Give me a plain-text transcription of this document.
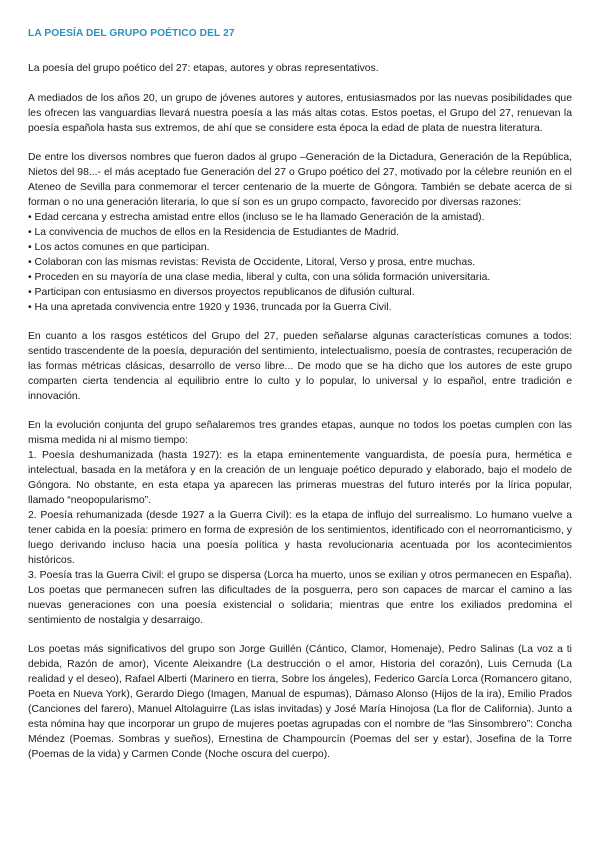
LA POESÍA DEL GRUPO POÉTICO DEL 27

La poesía del grupo poético del 27: etapas, autores y obras representativos.

A mediados de los años 20, un grupo de jóvenes autores y autores, entusiasmados por las nuevas posibilidades que les ofrecen las vanguardias llevará nuestra poesía a las más altas cotas. Estos poetas, el Grupo del 27, renuevan la poesía española hasta sus extremos, de ahí que se considere esta época la edad de plata de nuestra literatura.

De entre los diversos nombres que fueron dados al grupo –Generación de la Dictadura, Generación de la República, Nietos del 98...- el más aceptado fue Generación del 27 o Grupo poético del 27, motivado por la célebre reunión en el Ateneo de Sevilla para conmemorar el tercer centenario de la muerte de Góngora. También se debate acerca de si forman o no una generación literaria, lo que sí son es un grupo compacto, favorecido por diversas razones:

• Edad cercana y estrecha amistad entre ellos (incluso se le ha llamado Generación de la amistad).
• La convivencia de muchos de ellos en la Residencia de Estudiantes de Madrid.
• Los actos comunes en que participan.
• Colaboran con las mismas revistas: Revista de Occidente, Litoral, Verso y prosa, entre muchas.
• Proceden en su mayoría de una clase media, liberal y culta, con una sólida formación universitaria.
• Participan con entusiasmo en diversos proyectos republicanos de difusión cultural.
• Ha una apretada convivencia entre 1920 y 1936, truncada por la Guerra Civil.

En cuanto a los rasgos estéticos del Grupo del 27, pueden señalarse algunas características comunes a todos: sentido trascendente de la poesía, depuración del sentimiento, intelectualismo, poesía de contrastes, recuperación de las formas métricas clásicas, desarrollo de verso libre... De modo que se ha dicho que los autores de este grupo comparten cierta tendencia al equilibrio entre lo culto y lo popular, lo universal y lo español, entre tradición e innovación.

En la evolución conjunta del grupo señalaremos tres grandes etapas, aunque no todos los poetas cumplen con las misma medida ni al mismo tiempo:

1. Poesía deshumanizada (hasta 1927): es la etapa eminentemente vanguardista, de poesía pura, hermética e intelectual, basada en la metáfora y en la creación de un lenguaje poético depurado y elaborado, bajo el modelo de Góngora. No obstante, en esta etapa ya aparecen las primeras muestras del futuro interés por la lírica popular, llamado “neopopularismo”.

2. Poesía rehumanizada (desde 1927 a la Guerra Civil): es la etapa de influjo del surrealismo. Lo humano vuelve a tener cabida en la poesía: primero en forma de expresión de los sentimientos, identificado con el neorromanticismo, y luego derivando incluso hacia una poesía política y hasta revolucionaria acentuada por los acontecimientos históricos.

3. Poesía tras la Guerra Civil: el grupo se dispersa (Lorca ha muerto, unos se exilian y otros permanecen en España). Los poetas que permanecen sufren las dificultades de la posguerra, pero son capaces de marcar el camino a las nuevas generaciones con una poesía existencial o solidaria; mientras que entre los exiliados predomina el sentimiento de nostalgia y desarraigo.

Los poetas más significativos del grupo son Jorge Guillén (Cántico, Clamor, Homenaje), Pedro Salinas (La voz a ti debida, Razón de amor), Vicente Aleixandre (La destrucción o el amor, Historia del corazón), Luis Cernuda (La realidad y el deseo), Rafael Alberti (Marinero en tierra, Sobre los ángeles), Federico García Lorca (Romancero gitano, Poeta en Nueva York), Gerardo Diego (Imagen, Manual de espumas), Dámaso Alonso (Hijos de la ira), Emilio Prados (Canciones del farero), Manuel Altolaguirre (Las islas invitadas) y José María Hinojosa (La flor de California). Junto a esta nómina hay que incorporar un grupo de mujeres poetas agrupadas con el nombre de “las Sinsombrero”: Concha Méndez (Poemas. Sombras y sueños), Ernestina de Champourcín (Poemas del ser y estar), Josefina de la Torre (Poemas de la vida) y Carmen Conde (Noche oscura del cuerpo).
